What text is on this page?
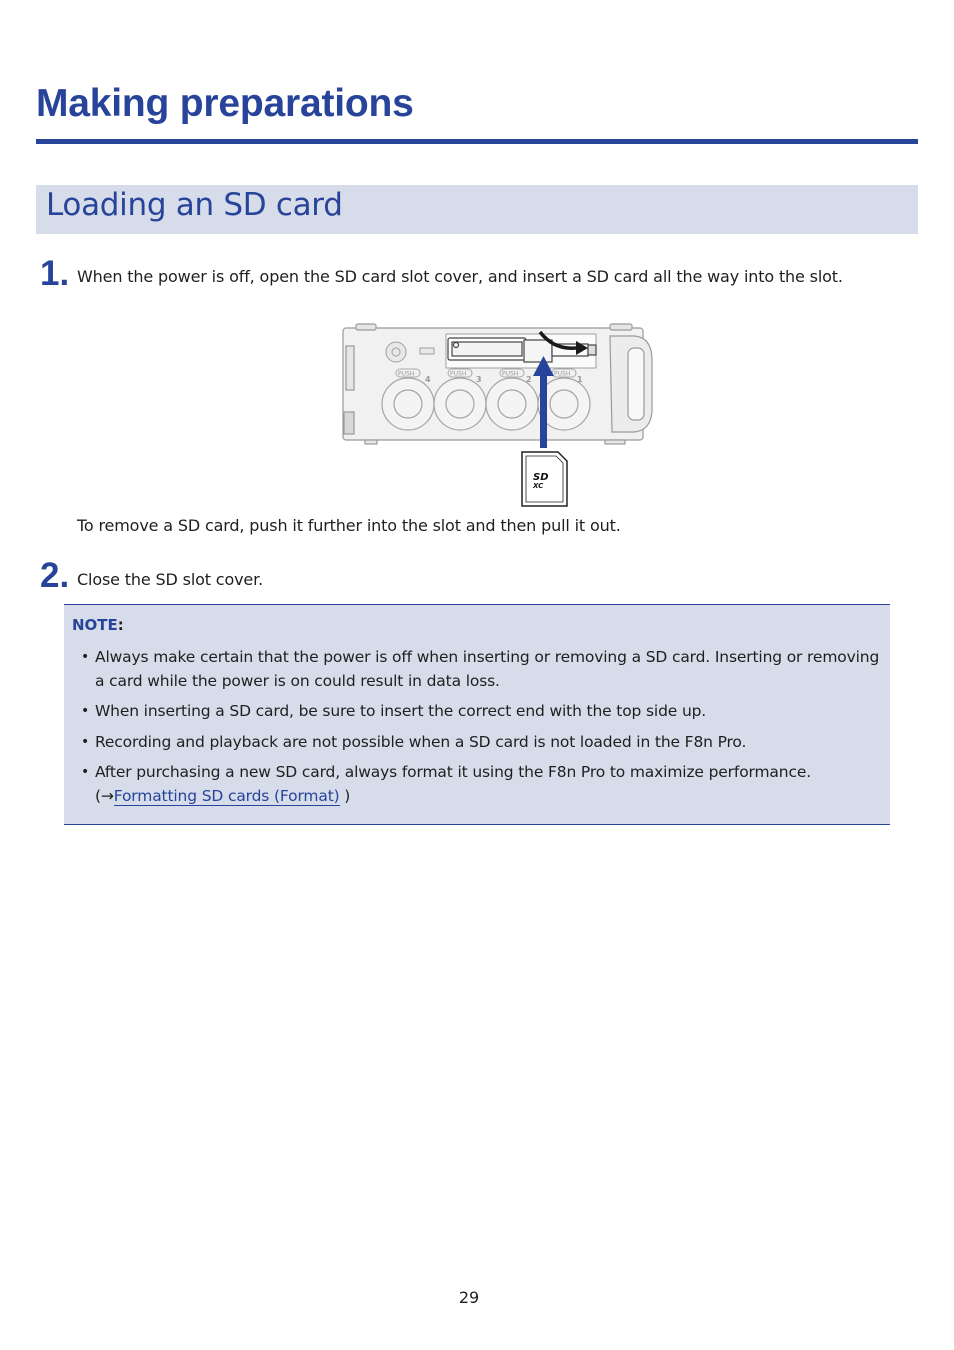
Making preparations
Loading an SD card
1. When the power is off, open the SD card slot cover, and insert a SD card all the way into the slot.
PUSH	PUSH	PUSH	PUSH
4	3	2	1
SD
XC
To remove a SD card, push it further into the slot and then pull it out.
2. Close the SD slot cover.
NOTE:
• Always make certain that the power is off when inserting or removing a SD card. Inserting or removing a card while the power is on could result in data loss.
• When inserting a SD card, be sure to insert the correct end with the top side up.
• Recording and playback are not possible when a SD card is not loaded in the F8n Pro.
• After purchasing a new SD card, always format it using the F8n Pro to maximize performance.
(→Formatting SD cards (Format) )
29
